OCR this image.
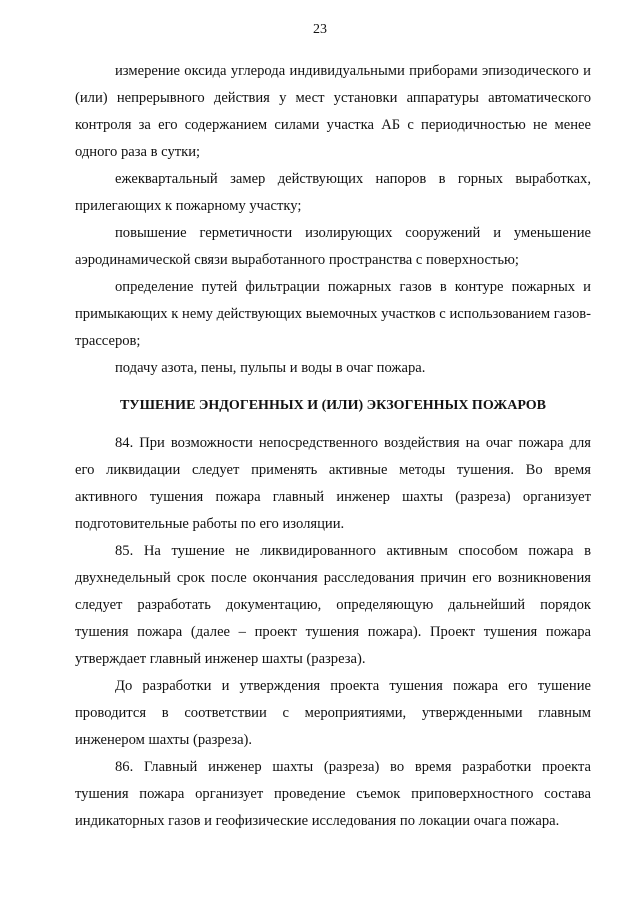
23

измерение оксида углерода индивидуальными приборами эпизодического и (или) непрерывного действия у мест установки аппаратуры автоматического контроля за его содержанием силами участка АБ с периодичностью не менее одного раза в сутки;

ежеквартальный замер действующих напоров в горных выработках, прилегающих к пожарному участку;

повышение герметичности изолирующих сооружений и уменьшение аэродинамической связи выработанного пространства с поверхностью;

определение путей фильтрации пожарных газов в контуре пожарных и примыкающих к нему действующих выемочных участков с использованием газов-трассеров;

подачу азота, пены, пульпы и воды в очаг пожара.

ТУШЕНИЕ ЭНДОГЕННЫХ И (ИЛИ) ЭКЗОГЕННЫХ ПОЖАРОВ

84. При возможности непосредственного воздействия на очаг пожара для его ликвидации следует применять активные методы тушения. Во время активного тушения пожара главный инженер шахты (разреза) организует подготовительные работы по его изоляции.

85. На тушение не ликвидированного активным способом пожара в двухнедельный срок после окончания расследования причин его возникновения следует разработать документацию, определяющую дальнейший порядок тушения пожара (далее – проект тушения пожара). Проект тушения пожара утверждает главный инженер шахты (разреза).

До разработки и утверждения проекта тушения пожара его тушение проводится в соответствии с мероприятиями, утвержденными главным инженером шахты (разреза).

86. Главный инженер шахты (разреза) во время разработки проекта тушения пожара организует проведение съемок приповерхностного состава индикаторных газов и геофизические исследования по локации очага пожара.
